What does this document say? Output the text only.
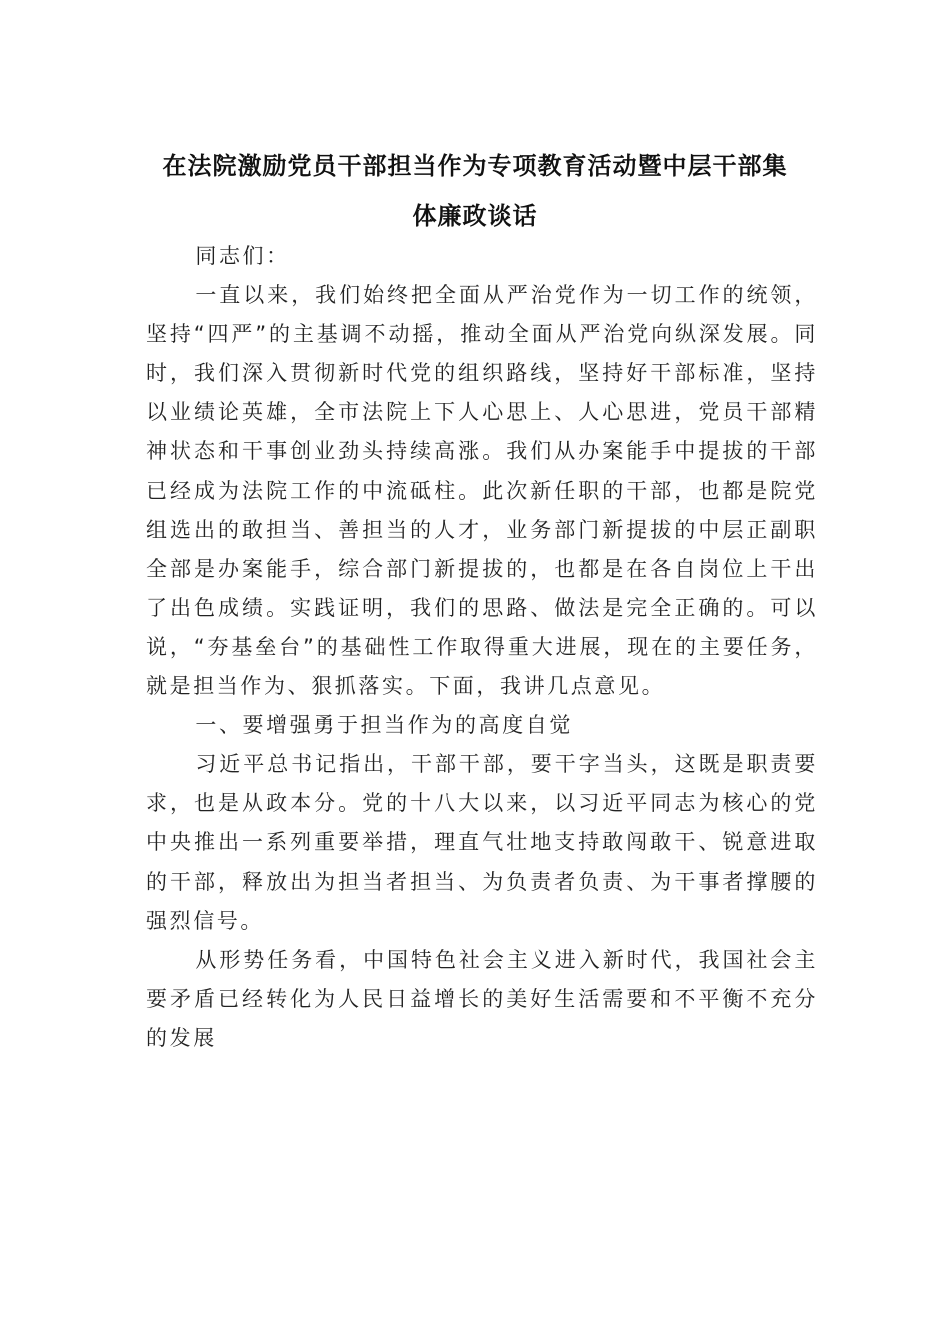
在法院激励党员干部担当作为专项教育活动暨中层干部集
体廉政谈话

同志们：

一直以来，我们始终把全面从严治党作为一切工作的统领，坚持“四严”的主基调不动摇，推动全面从严治党向纵深发展。同时，我们深入贯彻新时代党的组织路线，坚持好干部标准，坚持以业绩论英雄，全市法院上下人心思上、人心思进，党员干部精神状态和干事创业劲头持续高涨。我们从办案能手中提拔的干部已经成为法院工作的中流砥柱。此次新任职的干部，也都是院党组选出的敢担当、善担当的人才，业务部门新提拔的中层正副职全部是办案能手，综合部门新提拔的，也都是在各自岗位上干出了出色成绩。实践证明，我们的思路、做法是完全正确的。可以说，“夯基垒台”的基础性工作取得重大进展，现在的主要任务，就是担当作为、狠抓落实。下面，我讲几点意见。

一、要增强勇于担当作为的高度自觉

习近平总书记指出，干部干部，要干字当头，这既是职责要求，也是从政本分。党的十八大以来，以习近平同志为核心的党中央推出一系列重要举措，理直气壮地支持敢闯敢干、锐意进取的干部，释放出为担当者担当、为负责者负责、为干事者撑腰的强烈信号。

从形势任务看，中国特色社会主义进入新时代，我国社会主要矛盾已经转化为人民日益增长的美好生活需要和不平衡不充分的发展
